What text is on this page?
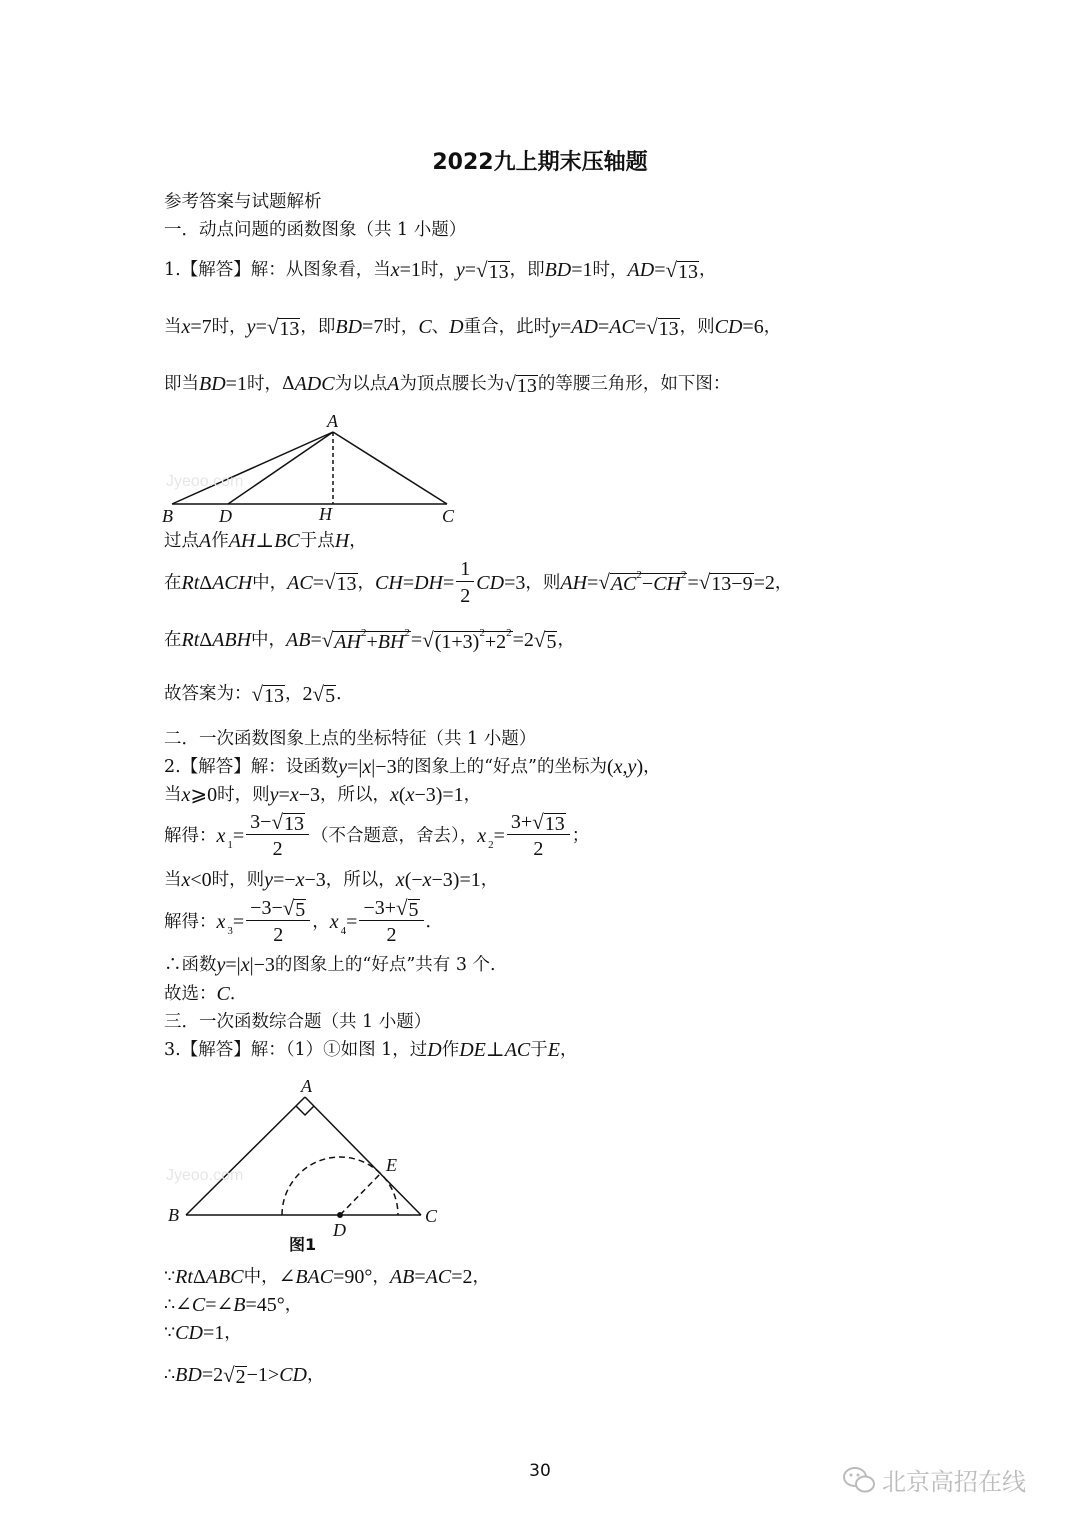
2022九上期末压轴题
参考答案与试题解析
一．动点问题的函数图象（共 1 小题）
1.【解答】解：从图象看，当 x =1 时， y = √ 13 ，即 BD =1 时， AD = √ 13 ，
当 x =7 时， y = √ 13 ，即 BD =7 时， C 、 D 重合，此时 y = AD = AC = √ 13 ，则 CD =6 ，
即当 BD =1 时，Δ ADC 为以点 A 为顶点腰长为 √ 13 的等腰三角形，如下图：
过点 A 作 AH ⊥ BC 于点 H ，
在 Rt Δ ACH 中， AC = √ 13 ， CH = DH = $\frac{1}{2}$ CD =3 ，则 AH = √ AC 2 − CH 2 = √ 13−9 =2 ，
在 Rt Δ ABH 中， AB = √ AH 2 + BH 2 = √ (1+3) 2 +2 2 =2 √ 5 ，
故答案为： √ 13 ， 2 √ 5 ．
二．一次函数图象上点的坐标特征（共 1 小题）
2.【解答】解：设函数 y =| x |−3 的图象上的“好点”的坐标为 ( x , y ) ，
当 x ⩾0 时，则 y = x −3 ，所以， x ( x −3)=1 ，
解得： x $1 = \frac{3- √ 13}{2}$ （不合题意，舍去）， x $2 = \frac{3+ √ 13}{2}$ ；
当 x <0 时，则 y =− x −3 ，所以， x (− x −3)=1 ，
解得： x $3 = \frac{-3- √ 5}{2}$ ， x $4 = \frac{-3+ √ 5}{2}$ ．
∴函数 y =| x |−3 的图象上的“好点”共有 3 个.
故选： C ．
三．一次函数综合题（共 1 小题）
3.【解答】解：（1）①如图 1，过 D 作 DE ⊥ AC 于 E ，
∵ Rt Δ ABC 中， ∠ BAC =90° ， AB = AC =2 ，
∴ ∠ C =∠ B =45° ，
∵ CD =1 ，
∴ BD =2 √ 2 −1> CD ，
Jyeoo.com
A
B	D	H	C
Jyeoo.com
A
B	C
D
E
图1
30	北京高招在线
